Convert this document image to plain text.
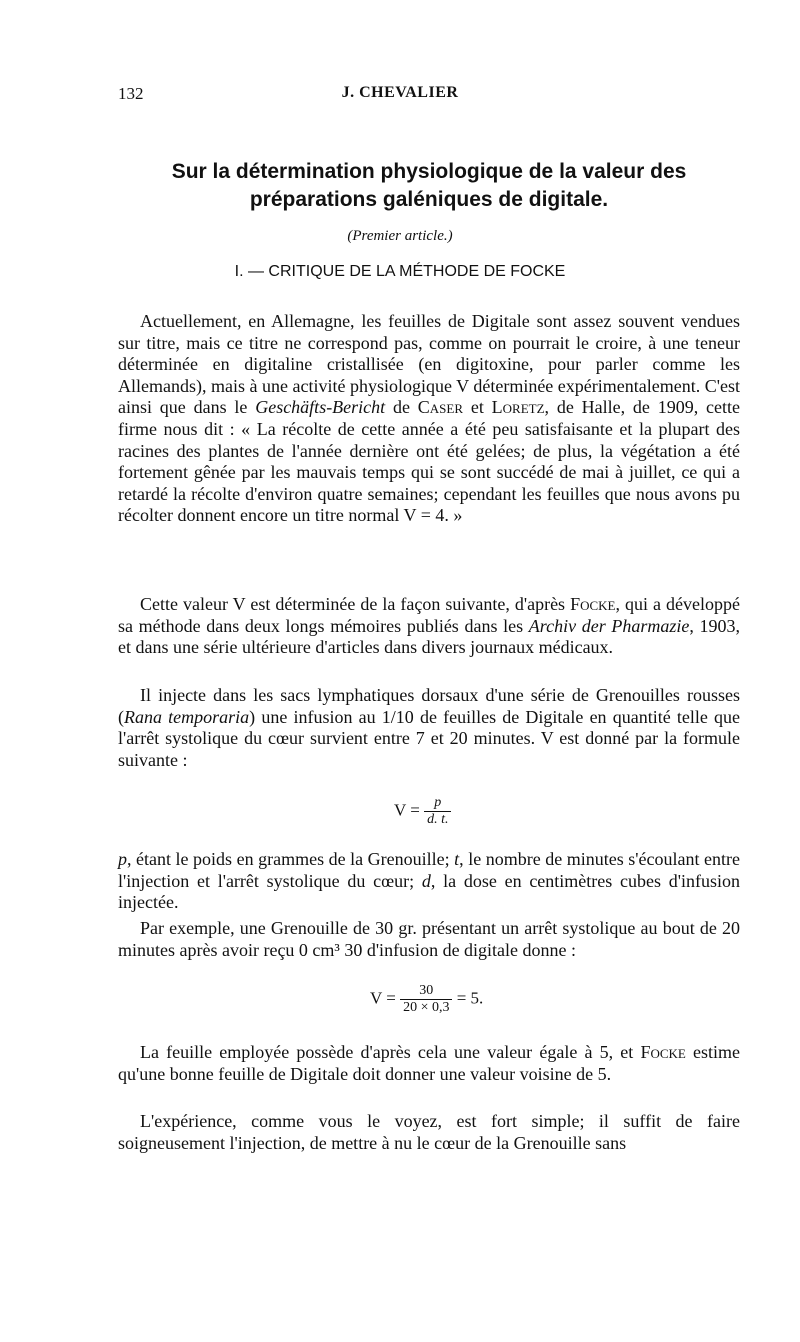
132	J. CHEVALIER
Sur la détermination physiologique de la valeur des préparations galéniques de digitale.
(Premier article.)
I. — CRITIQUE DE LA MÉTHODE DE FOCKE
Actuellement, en Allemagne, les feuilles de Digitale sont assez souvent vendues sur titre, mais ce titre ne correspond pas, comme on pourrait le croire, à une teneur déterminée en digitaline cristallisée (en digitoxine, pour parler comme les Allemands), mais à une activité physiologique V déterminée expérimentalement. C'est ainsi que dans le Geschäfts-Bericht de Caser et Loretz, de Halle, de 1909, cette firme nous dit : « La récolte de cette année a été peu satisfaisante et la plupart des racines des plantes de l'année dernière ont été gelées; de plus, la végétation a été fortement gênée par les mauvais temps qui se sont succédé de mai à juillet, ce qui a retardé la récolte d'environ quatre semaines; cependant les feuilles que nous avons pu récolter donnent encore un titre normal V = 4. »
Cette valeur V est déterminée de la façon suivante, d'après Focke, qui a développé sa méthode dans deux longs mémoires publiés dans les Archiv der Pharmazie, 1903, et dans une série ultérieure d'articles dans divers journaux médicaux.
Il injecte dans les sacs lymphatiques dorsaux d'une série de Grenouilles rousses (Rana temporaria) une infusion au 1/10 de feuilles de Digitale en quantité telle que l'arrêt systolique du cœur survient entre 7 et 20 minutes. V est donné par la formule suivante :
$V = \frac{p}{d. t.}$
p, étant le poids en grammes de la Grenouille; t, le nombre de minutes s'écoulant entre l'injection et l'arrêt systolique du cœur; d, la dose en centimètres cubes d'infusion injectée.
Par exemple, une Grenouille de 30 gr. présentant un arrêt systolique au bout de 20 minutes après avoir reçu 0 cm³ 30 d'infusion de digitale donne :
$V = \frac{30}{20 \times 0,3} = 5$.
La feuille employée possède d'après cela une valeur égale à 5, et Focke estime qu'une bonne feuille de Digitale doit donner une valeur voisine de 5.
L'expérience, comme vous le voyez, est fort simple; il suffit de faire soigneusement l'injection, de mettre à nu le cœur de la Grenouille sans
